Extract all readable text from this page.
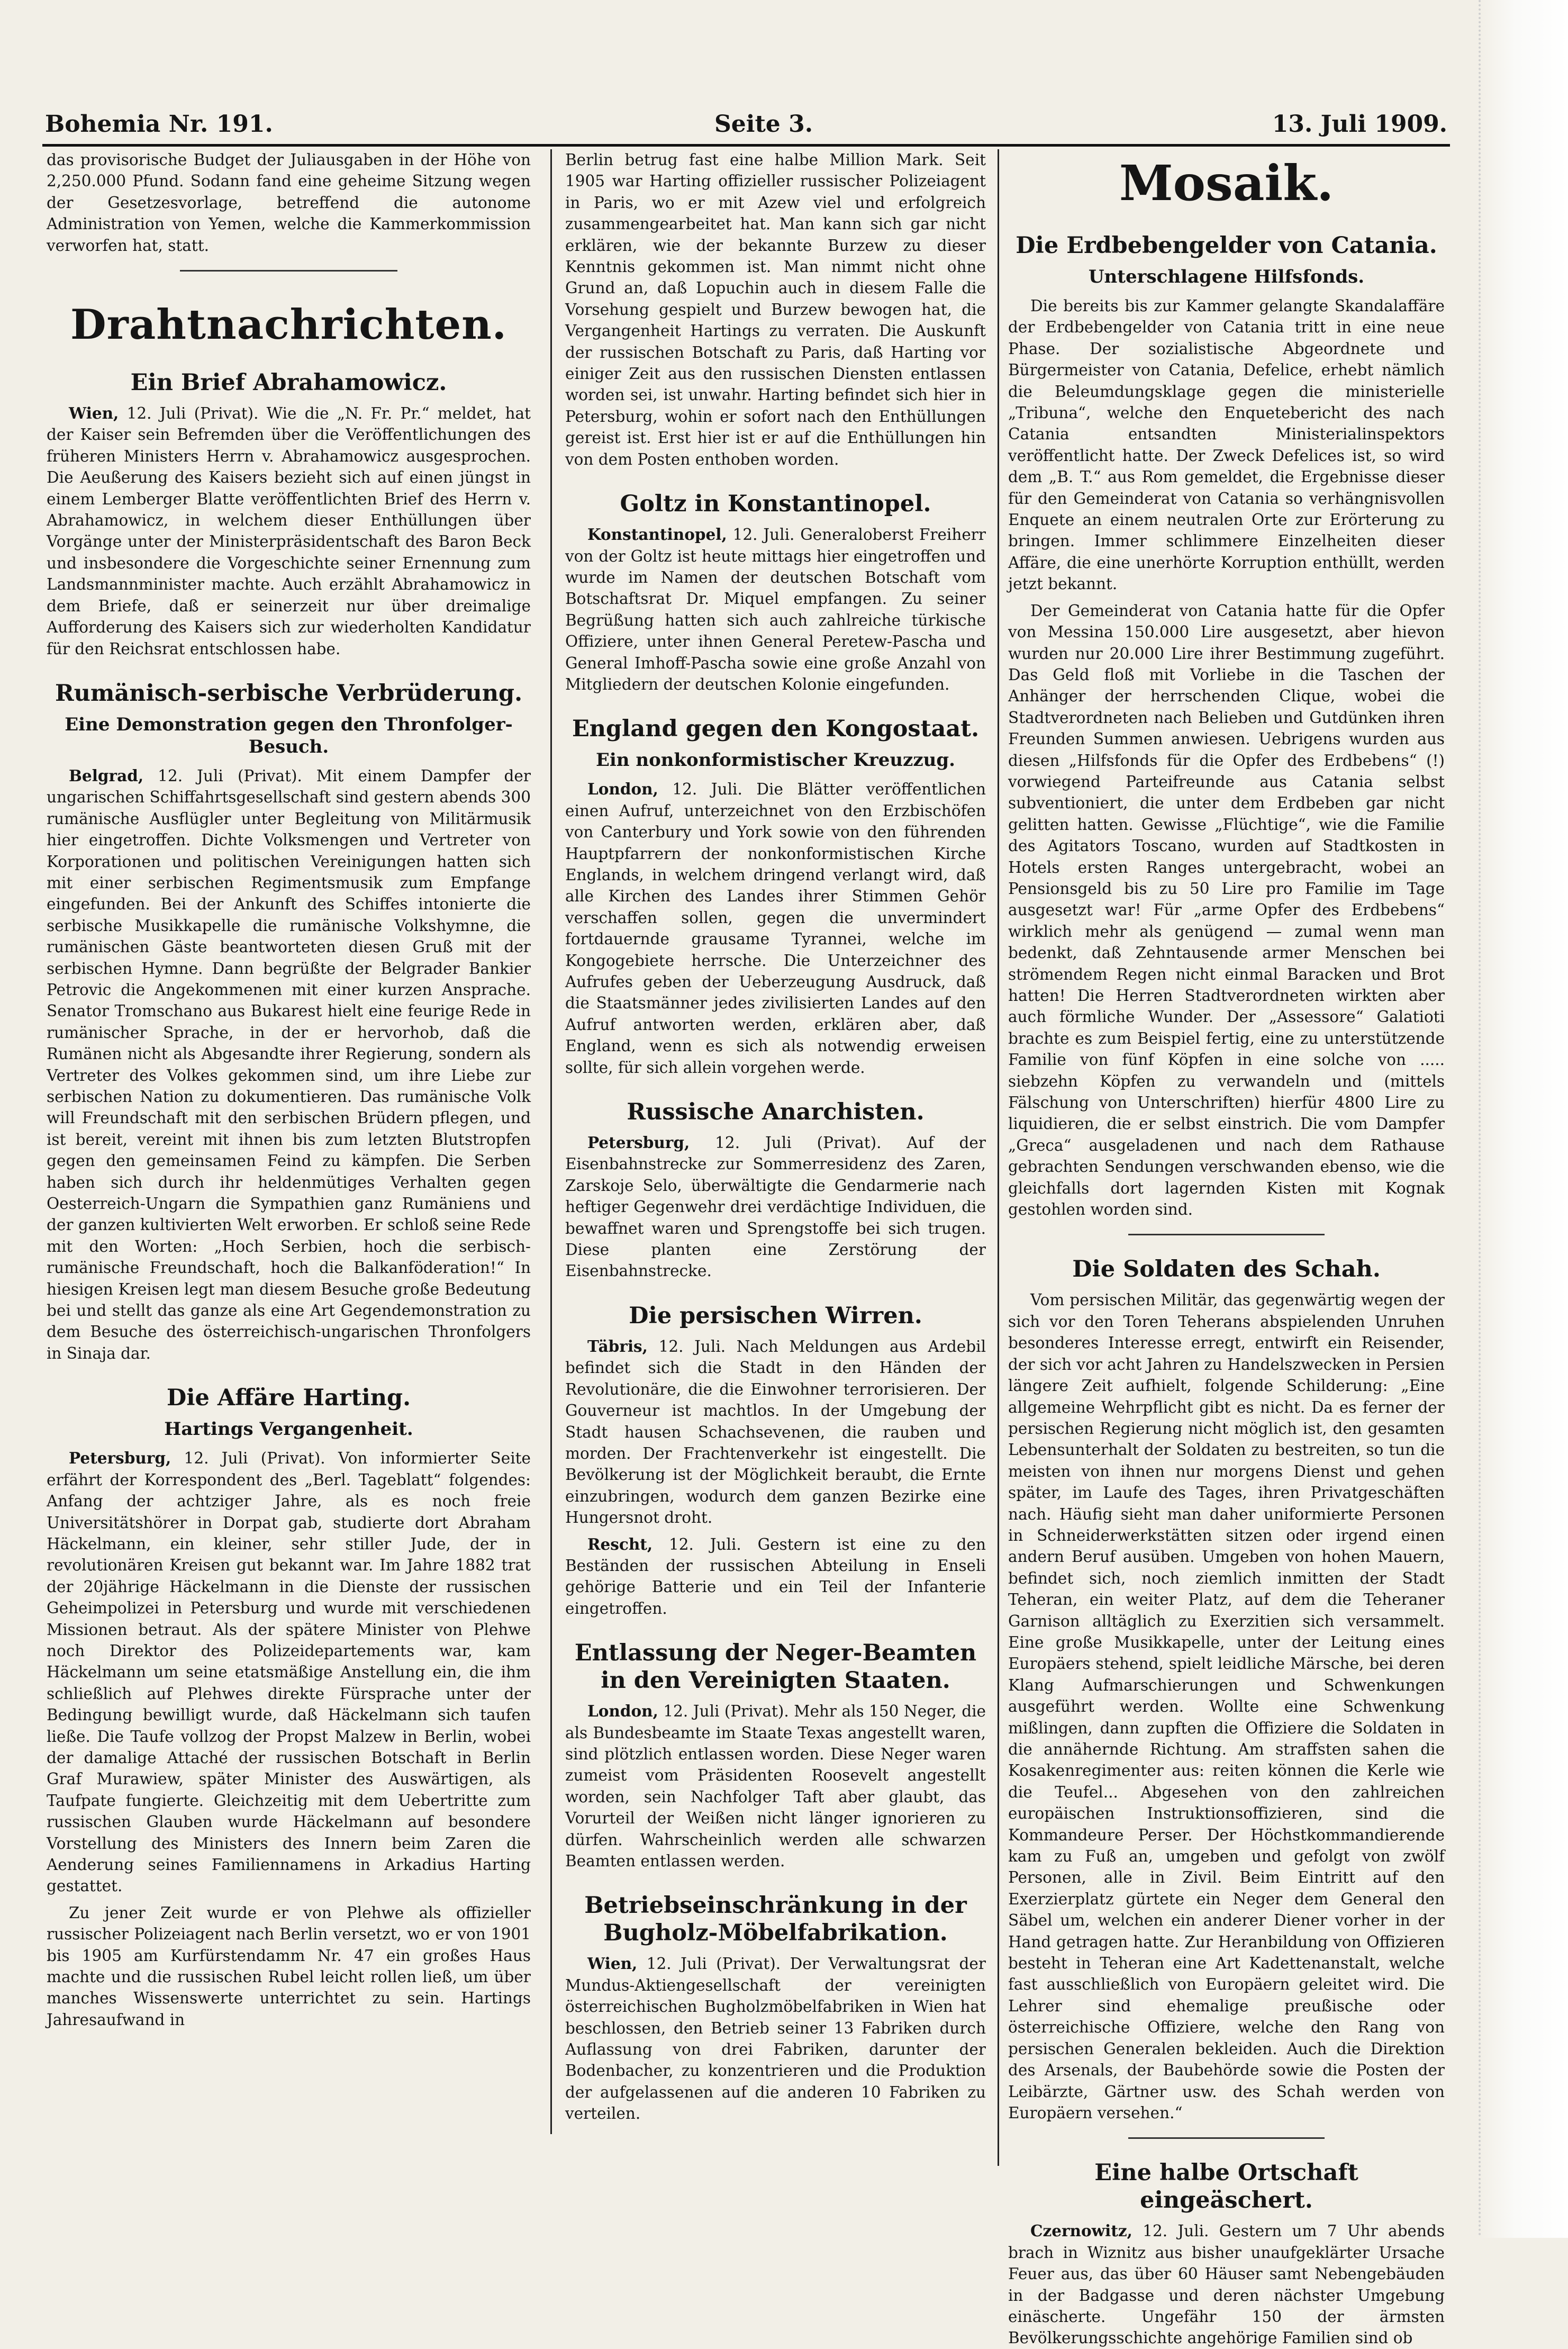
Bohemia Nr. 191.	Seite 3.	13. Juli 1909.

das provisorische Budget der Juliausgaben in der Höhe von 2,250.000 Pfund. Sodann fand eine geheime Sitzung wegen der Gesetzesvorlage, betreffend die autonome Administration von Yemen, welche die Kammerkommission verworfen hat, statt.

Drahtnachrichten.
Ein Brief Abrahamowicz.

Wien, 12. Juli (Privat). Wie die „N. Fr. Pr.“ meldet, hat der Kaiser sein Befremden über die Veröffentlichungen des früheren Ministers Herrn v. Abrahamowicz ausgesprochen. Die Aeußerung des Kaisers bezieht sich auf einen jüngst in einem Lemberger Blatte veröffentlichten Brief des Herrn v. Abrahamowicz, in welchem dieser Enthüllungen über Vorgänge unter der Ministerpräsidentschaft des Baron Beck und insbesondere die Vorgeschichte seiner Ernennung zum Landsmannminister machte. Auch erzählt Abrahamowicz in dem Briefe, daß er seinerzeit nur über dreimalige Aufforderung des Kaisers sich zur wiederholten Kandidatur für den Reichsrat entschlossen habe.

Rumänisch-serbische Verbrüderung.
Eine Demonstration gegen den Thronfolger-Besuch.

Belgrad, 12. Juli (Privat). Mit einem Dampfer der ungarischen Schiffahrtsgesellschaft sind gestern abends 300 rumänische Ausflügler unter Begleitung von Militärmusik hier eingetroffen. Dichte Volksmengen und Vertreter von Korporationen und politischen Vereinigungen hatten sich mit einer serbischen Regimentsmusik zum Empfange eingefunden. Bei der Ankunft des Schiffes intonierte die serbische Musikkapelle die rumänische Volkshymne, die rumänischen Gäste beantworteten diesen Gruß mit der serbischen Hymne. Dann begrüßte der Belgrader Bankier Petrovic die Angekommenen mit einer kurzen Ansprache. Senator Tromschano aus Bukarest hielt eine feurige Rede in rumänischer Sprache, in der er hervorhob, daß die Rumänen nicht als Abgesandte ihrer Regierung, sondern als Vertreter des Volkes gekommen sind, um ihre Liebe zur serbischen Nation zu dokumentieren. Das rumänische Volk will Freundschaft mit den serbischen Brüdern pflegen, und ist bereit, vereint mit ihnen bis zum letzten Blutstropfen gegen den gemeinsamen Feind zu kämpfen. Die Serben haben sich durch ihr heldenmütiges Verhalten gegen Oesterreich-Ungarn die Sympathien ganz Rumäniens und der ganzen kultivierten Welt erworben. Er schloß seine Rede mit den Worten: „Hoch Serbien, hoch die serbisch-rumänische Freundschaft, hoch die Balkanföderation!“ In hiesigen Kreisen legt man diesem Besuche große Bedeutung bei und stellt das ganze als eine Art Gegendemonstration zu dem Besuche des österreichisch-ungarischen Thronfolgers in Sinaja dar.

Die Affäre Harting.
Hartings Vergangenheit.

Petersburg, 12. Juli (Privat). Von informierter Seite erfährt der Korrespondent des „Berl. Tageblatt“ folgendes: Anfang der achtziger Jahre, als es noch freie Universitätshörer in Dorpat gab, studierte dort Abraham Häckelmann, ein kleiner, sehr stiller Jude, der in revolutionären Kreisen gut bekannt war. Im Jahre 1882 trat der 20jährige Häckelmann in die Dienste der russischen Geheimpolizei in Petersburg und wurde mit verschiedenen Missionen betraut. Als der spätere Minister von Plehwe noch Direktor des Polizeidepartements war, kam Häckelmann um seine etatsmäßige Anstellung ein, die ihm schließlich auf Plehwes direkte Fürsprache unter der Bedingung bewilligt wurde, daß Häckelmann sich taufen ließe. Die Taufe vollzog der Propst Malzew in Berlin, wobei der damalige Attaché der russischen Botschaft in Berlin Graf Murawiew, später Minister des Auswärtigen, als Taufpate fungierte. Gleichzeitig mit dem Uebertritte zum russischen Glauben wurde Häckelmann auf besondere Vorstellung des Ministers des Innern beim Zaren die Aenderung seines Familiennamens in Arkadius Harting gestattet.

Zu jener Zeit wurde er von Plehwe als offizieller russischer Polizeiagent nach Berlin versetzt, wo er von 1901 bis 1905 am Kurfürstendamm Nr. 47 ein großes Haus machte und die russischen Rubel leicht rollen ließ, um über manches Wissenswerte unterrichtet zu sein. Hartings Jahresaufwand in

Berlin betrug fast eine halbe Million Mark. Seit 1905 war Harting offizieller russischer Polizeiagent in Paris, wo er mit Azew viel und erfolgreich zusammengearbeitet hat. Man kann sich gar nicht erklären, wie der bekannte Burzew zu dieser Kenntnis gekommen ist. Man nimmt nicht ohne Grund an, daß Lopuchin auch in diesem Falle die Vorsehung gespielt und Burzew bewogen hat, die Vergangenheit Hartings zu verraten. Die Auskunft der russischen Botschaft zu Paris, daß Harting vor einiger Zeit aus den russischen Diensten entlassen worden sei, ist unwahr. Harting befindet sich hier in Petersburg, wohin er sofort nach den Enthüllungen gereist ist. Erst hier ist er auf die Enthüllungen hin von dem Posten enthoben worden.

Goltz in Konstantinopel.

Konstantinopel, 12. Juli. Generaloberst Freiherr von der Goltz ist heute mittags hier eingetroffen und wurde im Namen der deutschen Botschaft vom Botschaftsrat Dr. Miquel empfangen. Zu seiner Begrüßung hatten sich auch zahlreiche türkische Offiziere, unter ihnen General Peretew-Pascha und General Imhoff-Pascha sowie eine große Anzahl von Mitgliedern der deutschen Kolonie eingefunden.

England gegen den Kongostaat.
Ein nonkonformistischer Kreuzzug.

London, 12. Juli. Die Blätter veröffentlichen einen Aufruf, unterzeichnet von den Erzbischöfen von Canterbury und York sowie von den führenden Hauptpfarrern der nonkonformistischen Kirche Englands, in welchem dringend verlangt wird, daß alle Kirchen des Landes ihrer Stimmen Gehör verschaffen sollen, gegen die unvermindert fortdauernde grausame Tyrannei, welche im Kongogebiete herrsche. Die Unterzeichner des Aufrufes geben der Ueberzeugung Ausdruck, daß die Staatsmänner jedes zivilisierten Landes auf den Aufruf antworten werden, erklären aber, daß England, wenn es sich als notwendig erweisen sollte, für sich allein vorgehen werde.

Russische Anarchisten.

Petersburg, 12. Juli (Privat). Auf der Eisenbahnstrecke zur Sommerresidenz des Zaren, Zarskoje Selo, überwältigte die Gendarmerie nach heftiger Gegenwehr drei verdächtige Individuen, die bewaffnet waren und Sprengstoffe bei sich trugen. Diese planten eine Zerstörung der Eisenbahnstrecke.

Die persischen Wirren.

Täbris, 12. Juli. Nach Meldungen aus Ardebil befindet sich die Stadt in den Händen der Revolutionäre, die die Einwohner terrorisieren. Der Gouverneur ist machtlos. In der Umgebung der Stadt hausen Schachsevenen, die rauben und morden. Der Frachtenverkehr ist eingestellt. Die Bevölkerung ist der Möglichkeit beraubt, die Ernte einzubringen, wodurch dem ganzen Bezirke eine Hungersnot droht.

Rescht, 12. Juli. Gestern ist eine zu den Beständen der russischen Abteilung in Enseli gehörige Batterie und ein Teil der Infanterie eingetroffen.

Entlassung der Neger-Beamten in den Vereinigten Staaten.

London, 12. Juli (Privat). Mehr als 150 Neger, die als Bundesbeamte im Staate Texas angestellt waren, sind plötzlich entlassen worden. Diese Neger waren zumeist vom Präsidenten Roosevelt angestellt worden, sein Nachfolger Taft aber glaubt, das Vorurteil der Weißen nicht länger ignorieren zu dürfen. Wahrscheinlich werden alle schwarzen Beamten entlassen werden.

Betriebseinschränkung in der Bugholz-Möbelfabrikation.

Wien, 12. Juli (Privat). Der Verwaltungsrat der Mundus-Aktiengesellschaft der vereinigten österreichischen Bugholzmöbelfabriken in Wien hat beschlossen, den Betrieb seiner 13 Fabriken durch Auflassung von drei Fabriken, darunter der Bodenbacher, zu konzentrieren und die Produktion der aufgelassenen auf die anderen 10 Fabriken zu verteilen.

Mosaik.
Die Erdbebengelder von Catania.
Unterschlagene Hilfsfonds.

Die bereits bis zur Kammer gelangte Skandalaffäre der Erdbebengelder von Catania tritt in eine neue Phase. Der sozialistische Abgeordnete und Bürgermeister von Catania, Defelice, erhebt nämlich die Beleumdungsklage gegen die ministerielle „Tribuna“, welche den Enquetebericht des nach Catania entsandten Ministerialinspektors veröffentlicht hatte. Der Zweck Defelices ist, so wird dem „B. T.“ aus Rom gemeldet, die Ergebnisse dieser für den Gemeinderat von Catania so verhängnisvollen Enquete an einem neutralen Orte zur Erörterung zu bringen. Immer schlimmere Einzelheiten dieser Affäre, die eine unerhörte Korruption enthüllt, werden jetzt bekannt.

Der Gemeinderat von Catania hatte für die Opfer von Messina 150.000 Lire ausgesetzt, aber hievon wurden nur 20.000 Lire ihrer Bestimmung zugeführt. Das Geld floß mit Vorliebe in die Taschen der Anhänger der herrschenden Clique, wobei die Stadtverordneten nach Belieben und Gutdünken ihren Freunden Summen anwiesen. Uebrigens wurden aus diesen „Hilfsfonds für die Opfer des Erdbebens“ (!) vorwiegend Parteifreunde aus Catania selbst subventioniert, die unter dem Erdbeben gar nicht gelitten hatten. Gewisse „Flüchtige“, wie die Familie des Agitators Toscano, wurden auf Stadtkosten in Hotels ersten Ranges untergebracht, wobei an Pensionsgeld bis zu 50 Lire pro Familie im Tage ausgesetzt war! Für „arme Opfer des Erdbebens“ wirklich mehr als genügend — zumal wenn man bedenkt, daß Zehntausende armer Menschen bei strömendem Regen nicht einmal Baracken und Brot hatten! Die Herren Stadtverordneten wirkten aber auch förmliche Wunder. Der „Assessore“ Galatioti brachte es zum Beispiel fertig, eine zu unterstützende Familie von fünf Köpfen in eine solche von ..... siebzehn Köpfen zu verwandeln und (mittels Fälschung von Unterschriften) hierfür 4800 Lire zu liquidieren, die er selbst einstrich. Die vom Dampfer „Greca“ ausgeladenen und nach dem Rathause gebrachten Sendungen verschwanden ebenso, wie die gleichfalls dort lagernden Kisten mit Kognak gestohlen worden sind.

Die Soldaten des Schah.

Vom persischen Militär, das gegenwärtig wegen der sich vor den Toren Teherans abspielenden Unruhen besonderes Interesse erregt, entwirft ein Reisender, der sich vor acht Jahren zu Handelszwecken in Persien längere Zeit aufhielt, folgende Schilderung: „Eine allgemeine Wehrpflicht gibt es nicht. Da es ferner der persischen Regierung nicht möglich ist, den gesamten Lebensunterhalt der Soldaten zu bestreiten, so tun die meisten von ihnen nur morgens Dienst und gehen später, im Laufe des Tages, ihren Privatgeschäften nach. Häufig sieht man daher uniformierte Personen in Schneiderwerkstätten sitzen oder irgend einen andern Beruf ausüben. Umgeben von hohen Mauern, befindet sich, noch ziemlich inmitten der Stadt Teheran, ein weiter Platz, auf dem die Teheraner Garnison alltäglich zu Exerzitien sich versammelt. Eine große Musikkapelle, unter der Leitung eines Europäers stehend, spielt leidliche Märsche, bei deren Klang Aufmarschierungen und Schwenkungen ausgeführt werden. Wollte eine Schwenkung mißlingen, dann zupften die Offiziere die Soldaten in die annähernde Richtung. Am straffsten sahen die Kosakenregimenter aus: reiten können die Kerle wie die Teufel... Abgesehen von den zahlreichen europäischen Instruktionsoffizieren, sind die Kommandeure Perser. Der Höchstkommandierende kam zu Fuß an, umgeben und gefolgt von zwölf Personen, alle in Zivil. Beim Eintritt auf den Exerzierplatz gürtete ein Neger dem General den Säbel um, welchen ein anderer Diener vorher in der Hand getragen hatte. Zur Heranbildung von Offizieren besteht in Teheran eine Art Kadettenanstalt, welche fast ausschließlich von Europäern geleitet wird. Die Lehrer sind ehemalige preußische oder österreichische Offiziere, welche den Rang von persischen Generalen bekleiden. Auch die Direktion des Arsenals, der Baubehörde sowie die Posten der Leibärzte, Gärtner usw. des Schah werden von Europäern versehen.“

Eine halbe Ortschaft eingeäschert.

Czernowitz, 12. Juli. Gestern um 7 Uhr abends brach in Wiznitz aus bisher unaufgeklärter Ursache Feuer aus, das über 60 Häuser samt Nebengebäuden in der Badgasse und deren nächster Umgebung einäscherte. Ungefähr 150 der ärmsten Bevölkerungsschichte angehörige Familien sind ob
